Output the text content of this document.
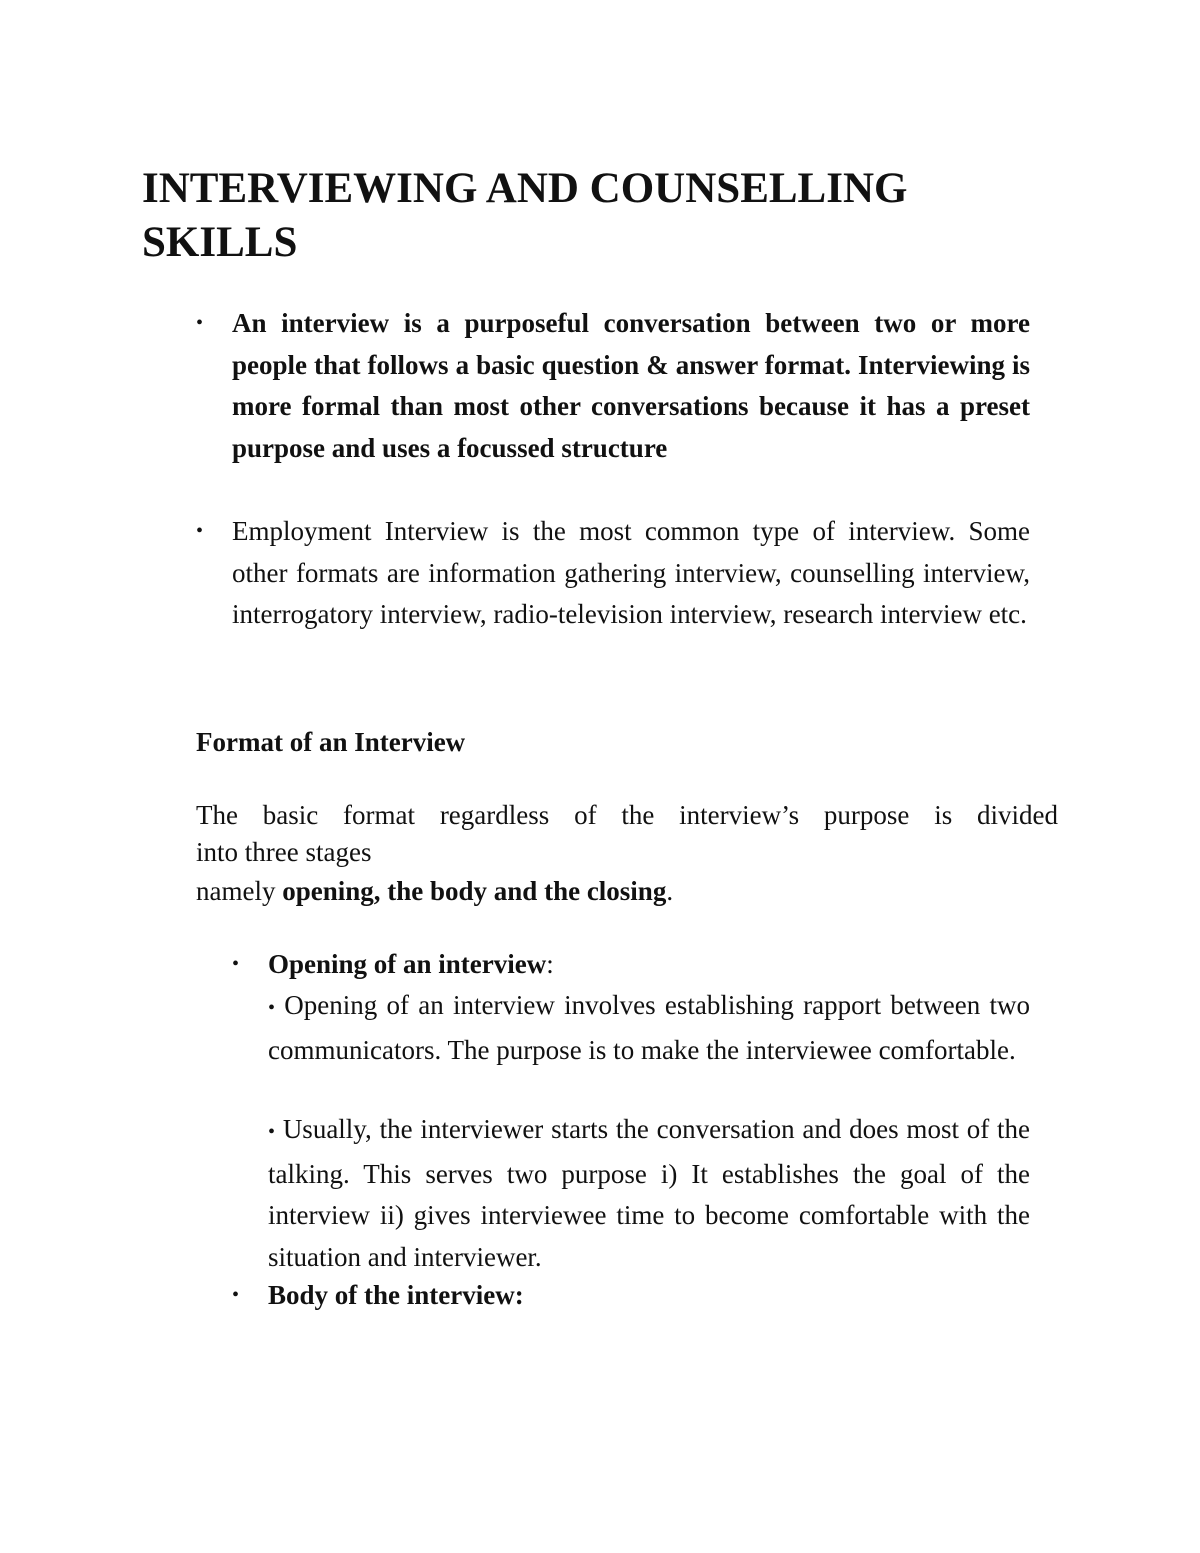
INTERVIEWING AND COUNSELLING SKILLS
• An interview is a purposeful conversation between two or more people that follows a basic question & answer format. Interviewing is more formal than most other conversations because it has a preset purpose and uses a focussed structure

• Employment Interview is the most common type of interview. Some other formats are information gathering interview, counselling interview, interrogatory interview, radio-television interview, research interview etc.

Format of an Interview

The basic format regardless of the interview’s purpose is divided
into three stages
namely opening, the body and the closing.

• Opening of an interview:

• Opening of an interview involves establishing rapport between two communicators. The purpose is to make the interviewee comfortable.

• Usually, the interviewer starts the conversation and does most of the talking. This serves two purpose i) It establishes the goal of the interview ii) gives interviewee time to become comfortable with the situation and interviewer.

• Body of the interview:
